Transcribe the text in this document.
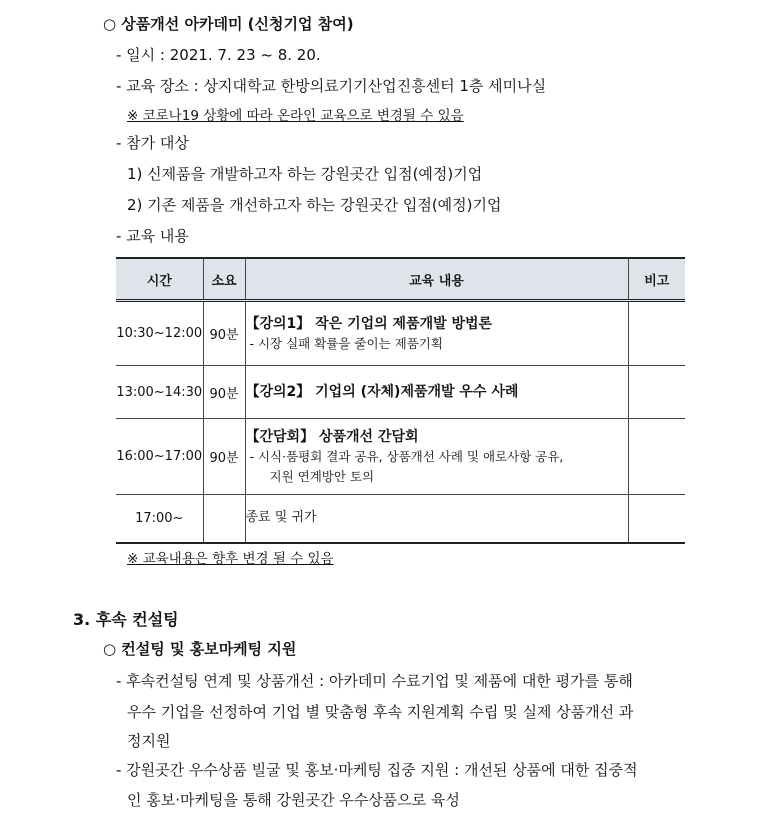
○ 상품개선 아카데미 (신청기업 참여)
- 일시 : 2021. 7. 23 ~ 8. 20.
- 교육 장소 : 상지대학교 한방의료기기산업진흥센터 1층 세미나실
※ 코로나19 상황에 따라 온라인 교육으로 변경될 수 있음
- 참가 대상
1) 신제품을 개발하고자 하는 강원곳간 입점(예정)기업
2) 기존 제품을 개선하고자 하는 강원곳간 입점(예정)기업
- 교육 내용
시간	소요	교육 내용	비고
10:30~12:00	90분	【강의1】 작은 기업의 제품개발 방법론
- 시장 실패 확률을 줄이는 제품기획	

13:00~14:30	90분	【강의2】 기업의 (자체)제품개발 우수 사례	

16:00~17:00	90분	【간담회】 상품개선 간담회
- 시식·품평회 결과 공유, 상품개선 사례 및 애로사항 공유,
지원 연계방안 토의	

17:00~		종료 및 귀가	

※ 교육내용은 향후 변경 될 수 있음
3. 후속 컨설팅
○ 컨설팅 및 홍보마케팅 지원
- 후속컨설팅 연계 및 상품개선 : 아카데미 수료기업 및 제품에 대한 평가를 통해
우수 기업을 선정하여 기업 별 맞춤형 후속 지원계획 수립 및 실제 상품개선 과
정지원
- 강원곳간 우수상품 빌굴 및 홍보·마케팅 집중 지원 : 개선된 상품에 대한 집중적
인 홍보·마케팅을 통해 강원곳간 우수상품으로 육성
